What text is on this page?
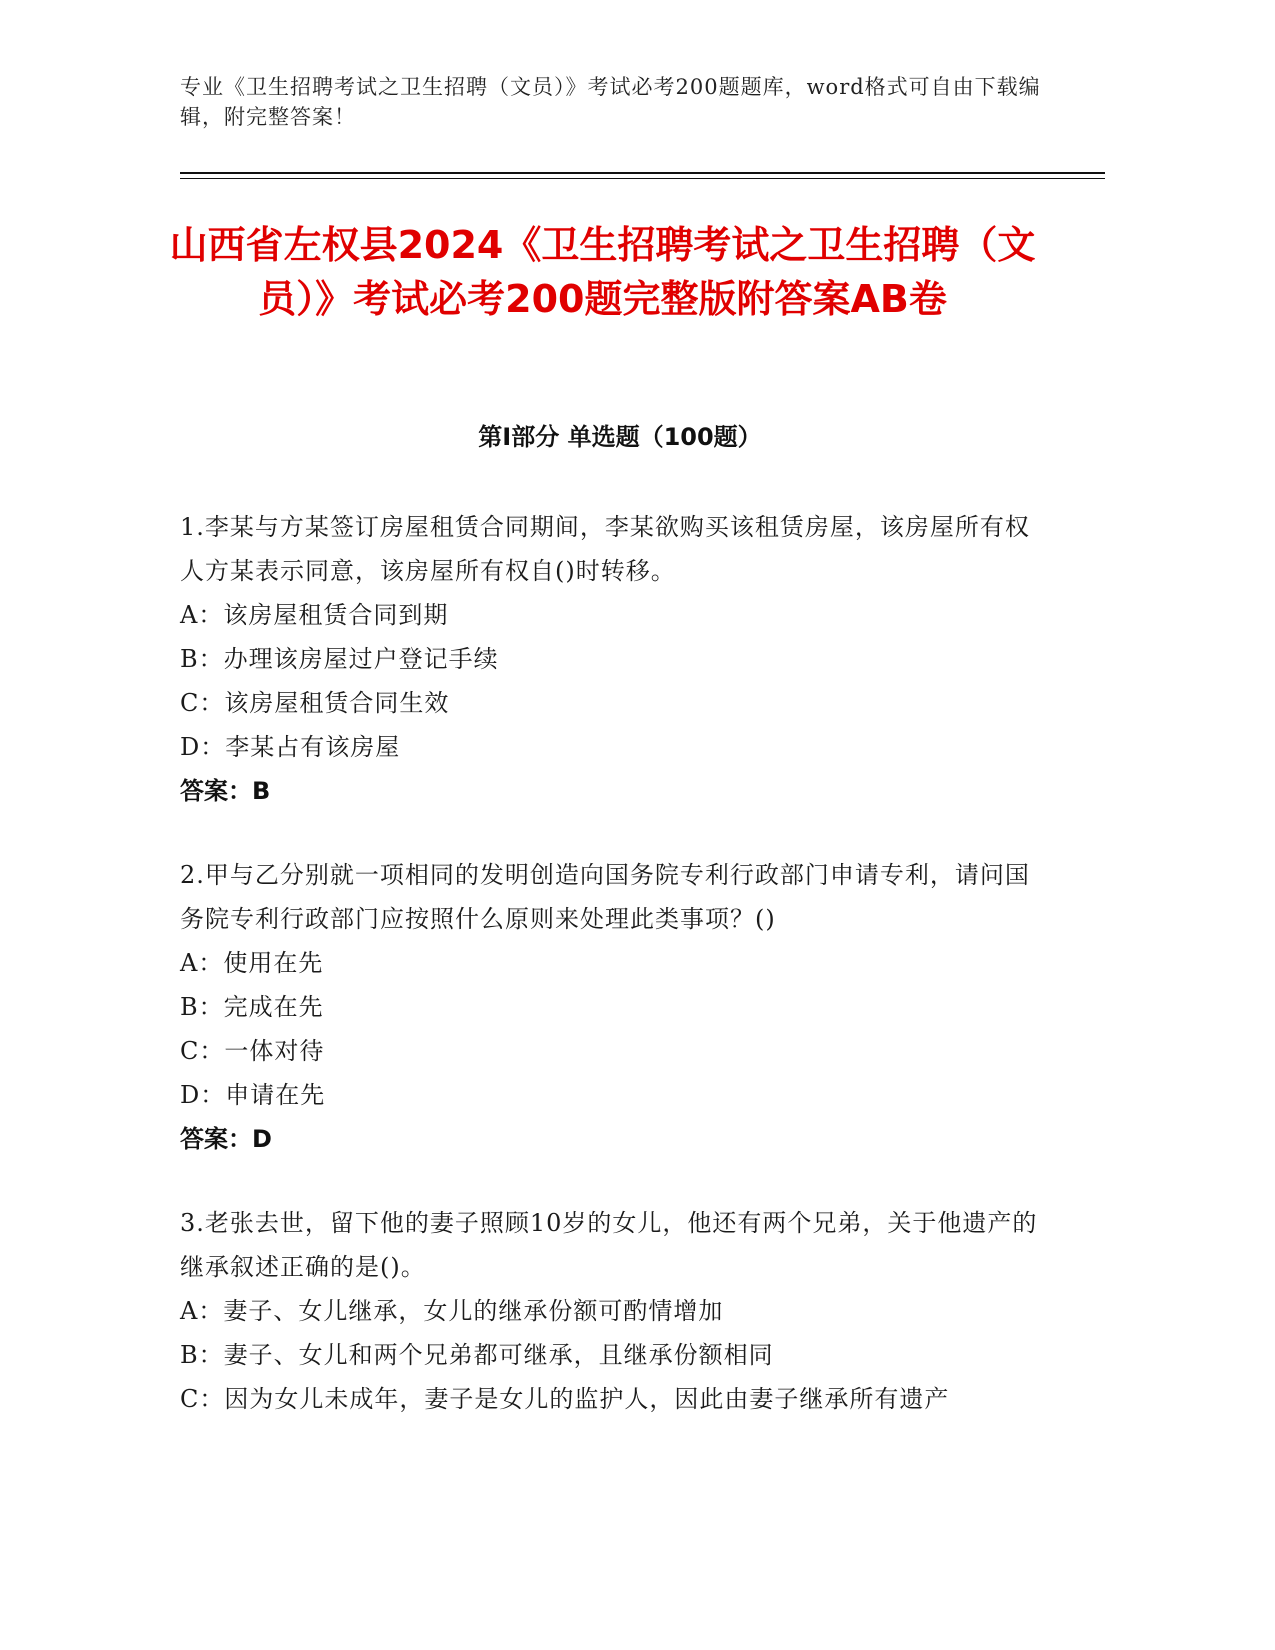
专业《卫生招聘考试之卫生招聘（文员）》考试必考200题题库，word格式可自由下载编辑，附完整答案！
山西省左权县2024《卫生招聘考试之卫生招聘（文员）》考试必考200题完整版附答案AB卷
第I部分 单选题（100题）
1.李某与方某签订房屋租赁合同期间，李某欲购买该租赁房屋，该房屋所有权人方某表示同意，该房屋所有权自()时转移。
A：该房屋租赁合同到期
B：办理该房屋过户登记手续
C：该房屋租赁合同生效
D：李某占有该房屋
答案：B
2.甲与乙分别就一项相同的发明创造向国务院专利行政部门申请专利，请问国务院专利行政部门应按照什么原则来处理此类事项？()
A：使用在先
B：完成在先
C：一体对待
D：申请在先
答案：D
3.老张去世，留下他的妻子照顾10岁的女儿，他还有两个兄弟，关于他遗产的继承叙述正确的是()。
A：妻子、女儿继承，女儿的继承份额可酌情增加
B：妻子、女儿和两个兄弟都可继承，且继承份额相同
C：因为女儿未成年，妻子是女儿的监护人，因此由妻子继承所有遗产
